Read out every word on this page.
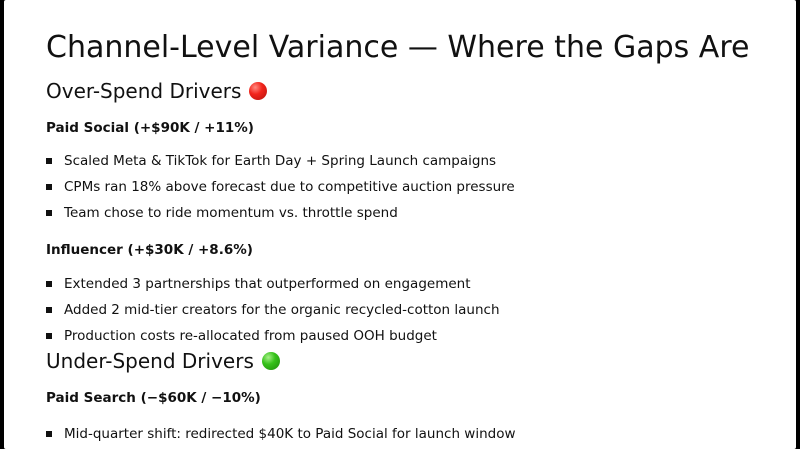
Channel-Level Variance — Where the Gaps Are
Over-Spend Drivers
Paid Social (+$90K / +11%)
Scaled Meta & TikTok for Earth Day + Spring Launch campaigns
CPMs ran 18% above forecast due to competitive auction pressure
Team chose to ride momentum vs. throttle spend
Influencer (+$30K / +8.6%)
Extended 3 partnerships that outperformed on engagement
Added 2 mid-tier creators for the organic recycled-cotton launch
Production costs re-allocated from paused OOH budget
Under-Spend Drivers
Paid Search (−$60K / −10%)
Mid-quarter shift: redirected $40K to Paid Social for launch window
